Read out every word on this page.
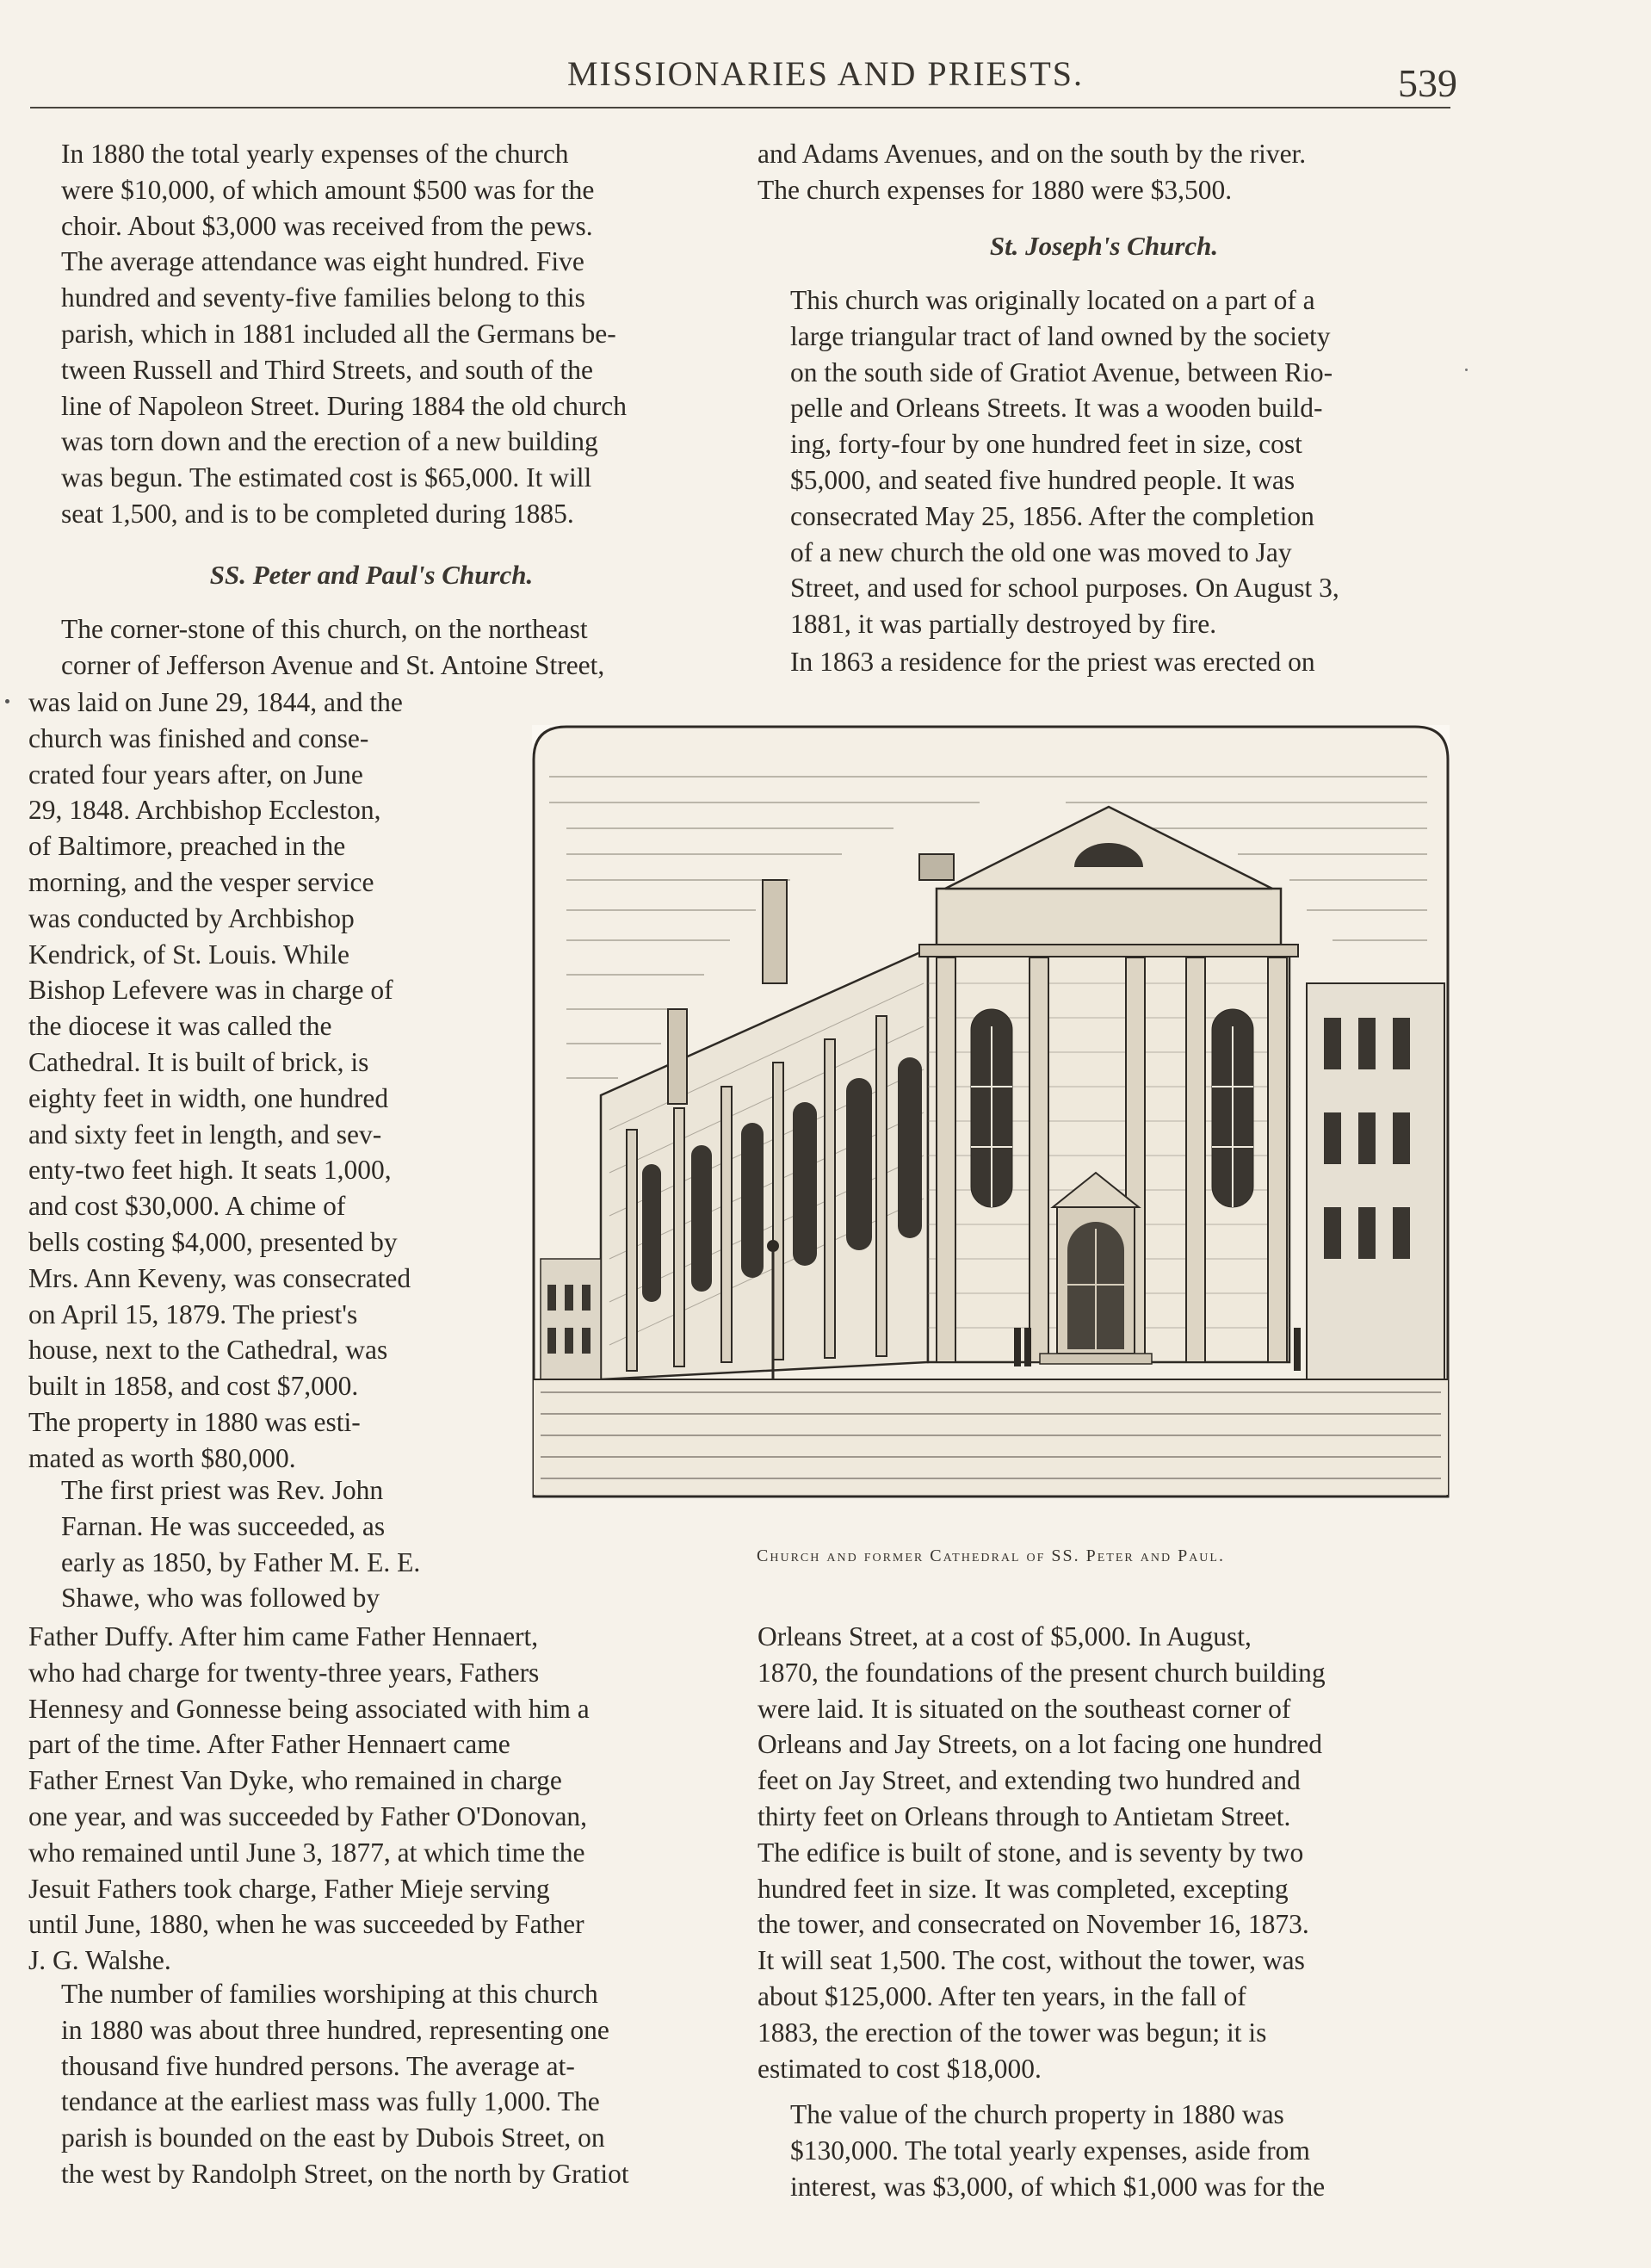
MISSIONARIES AND PRIESTS.	539

In 1880 the total yearly expenses of the church
were $10,000, of which amount $500 was for the
choir. About $3,000 was received from the pews.
The average attendance was eight hundred. Five
hundred and seventy-five families belong to this
parish, which in 1881 included all the Germans be-
tween Russell and Third Streets, and south of the
line of Napoleon Street. During 1884 the old church
was torn down and the erection of a new building
was begun. The estimated cost is $65,000. It will
seat 1,500, and is to be completed during 1885.

SS. Peter and Paul's Church.

The corner-stone of this church, on the northeast
corner of Jefferson Avenue and St. Antoine Street,

was laid on June 29, 1844, and the
church was finished and conse-
crated four years after, on June
29, 1848. Archbishop Eccleston,
of Baltimore, preached in the
morning, and the vesper service
was conducted by Archbishop
Kendrick, of St. Louis. While
Bishop Lefevere was in charge of
the diocese it was called the
Cathedral. It is built of brick, is
eighty feet in width, one hundred
and sixty feet in length, and sev-
enty-two feet high. It seats 1,000,
and cost $30,000. A chime of
bells costing $4,000, presented by
Mrs. Ann Keveny, was consecrated
on April 15, 1879. The priest's
house, next to the Cathedral, was
built in 1858, and cost $7,000.
The property in 1880 was esti-
mated as worth $80,000.

The first priest was Rev. John
Farnan. He was succeeded, as
early as 1850, by Father M. E. E.
Shawe, who was followed by

Father Duffy. After him came Father Hennaert,
who had charge for twenty-three years, Fathers
Hennesy and Gonnesse being associated with him a
part of the time. After Father Hennaert came
Father Ernest Van Dyke, who remained in charge
one year, and was succeeded by Father O'Donovan,
who remained until June 3, 1877, at which time the
Jesuit Fathers took charge, Father Mieje serving
until June, 1880, when he was succeeded by Father
J. G. Walshe.

The number of families worshiping at this church
in 1880 was about three hundred, representing one
thousand five hundred persons. The average at-
tendance at the earliest mass was fully 1,000. The
parish is bounded on the east by Dubois Street, on
the west by Randolph Street, on the north by Gratiot

and Adams Avenues, and on the south by the river.
The church expenses for 1880 were $3,500.

St. Joseph's Church.

This church was originally located on a part of a
large triangular tract of land owned by the society
on the south side of Gratiot Avenue, between Rio-
pelle and Orleans Streets. It was a wooden build-
ing, forty-four by one hundred feet in size, cost
$5,000, and seated five hundred people. It was
consecrated May 25, 1856. After the completion
of a new church the old one was moved to Jay
Street, and used for school purposes. On August 3,
1881, it was partially destroyed by fire.

In 1863 a residence for the priest was erected on

Church and former Cathedral of SS. Peter and Paul.

Orleans Street, at a cost of $5,000. In August,
1870, the foundations of the present church building
were laid. It is situated on the southeast corner of
Orleans and Jay Streets, on a lot facing one hundred
feet on Jay Street, and extending two hundred and
thirty feet on Orleans through to Antietam Street.
The edifice is built of stone, and is seventy by two
hundred feet in size. It was completed, excepting
the tower, and consecrated on November 16, 1873.
It will seat 1,500. The cost, without the tower, was
about $125,000. After ten years, in the fall of
1883, the erection of the tower was begun; it is
estimated to cost $18,000.

The value of the church property in 1880 was
$130,000. The total yearly expenses, aside from
interest, was $3,000, of which $1,000 was for the
